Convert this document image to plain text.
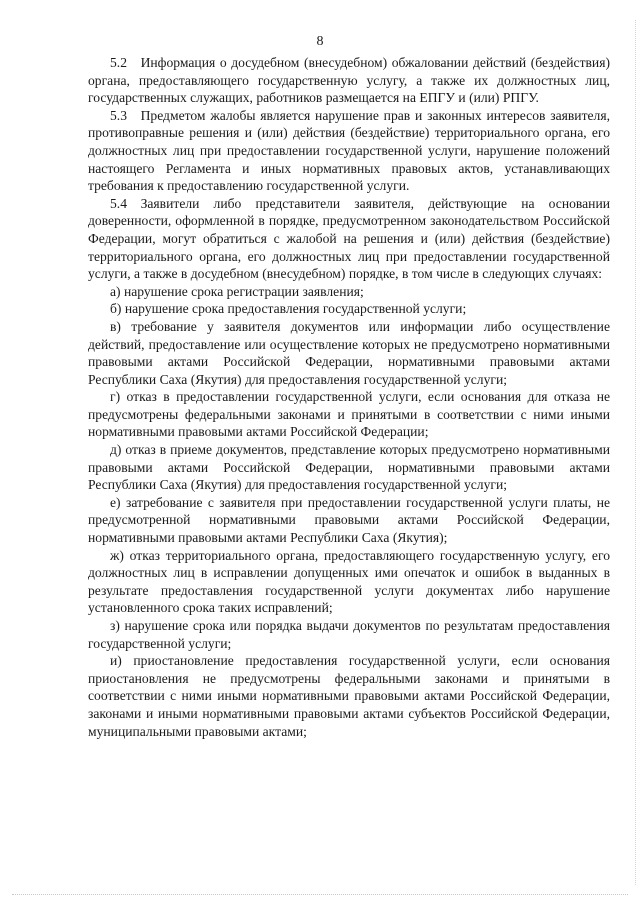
8

5.2 Информация о досудебном (внесудебном) обжаловании действий (бездействия) органа, предоставляющего государственную услугу, а также их должностных лиц, государственных служащих, работников размещается на ЕПГУ и (или) РПГУ.

5.3 Предметом жалобы является нарушение прав и законных интересов заявителя, противоправные решения и (или) действия (бездействие) территориального органа, его должностных лиц при предоставлении государственной услуги, нарушение положений настоящего Регламента и иных нормативных правовых актов, устанавливающих требования к предоставлению государственной услуги.

5.4 Заявители либо представители заявителя, действующие на основании доверенности, оформленной в порядке, предусмотренном законодательством Российской Федерации, могут обратиться с жалобой на решения и (или) действия (бездействие) территориального органа, его должностных лиц при предоставлении государственной услуги, а также в досудебном (внесудебном) порядке, в том числе в следующих случаях:

а) нарушение срока регистрации заявления;

б) нарушение срока предоставления государственной услуги;

в) требование у заявителя документов или информации либо осуществление действий, предоставление или осуществление которых не предусмотрено нормативными правовыми актами Российской Федерации, нормативными правовыми актами Республики Саха (Якутия) для предоставления государственной услуги;

г) отказ в предоставлении государственной услуги, если основания для отказа не предусмотрены федеральными законами и принятыми в соответствии с ними иными нормативными правовыми актами Российской Федерации;

д) отказ в приеме документов, представление которых предусмотрено нормативными правовыми актами Российской Федерации, нормативными правовыми актами Республики Саха (Якутия) для предоставления государственной услуги;

е) затребование с заявителя при предоставлении государственной услуги платы, не предусмотренной нормативными правовыми актами Российской Федерации, нормативными правовыми актами Республики Саха (Якутия);

ж) отказ территориального органа, предоставляющего государственную услугу, его должностных лиц в исправлении допущенных ими опечаток и ошибок в выданных в результате предоставления государственной услуги документах либо нарушение установленного срока таких исправлений;

з) нарушение срока или порядка выдачи документов по результатам предоставления государственной услуги;

и) приостановление предоставления государственной услуги, если основания приостановления не предусмотрены федеральными законами и принятыми в соответствии с ними иными нормативными правовыми актами Российской Федерации, законами и иными нормативными правовыми актами субъектов Российской Федерации, муниципальными правовыми актами;
